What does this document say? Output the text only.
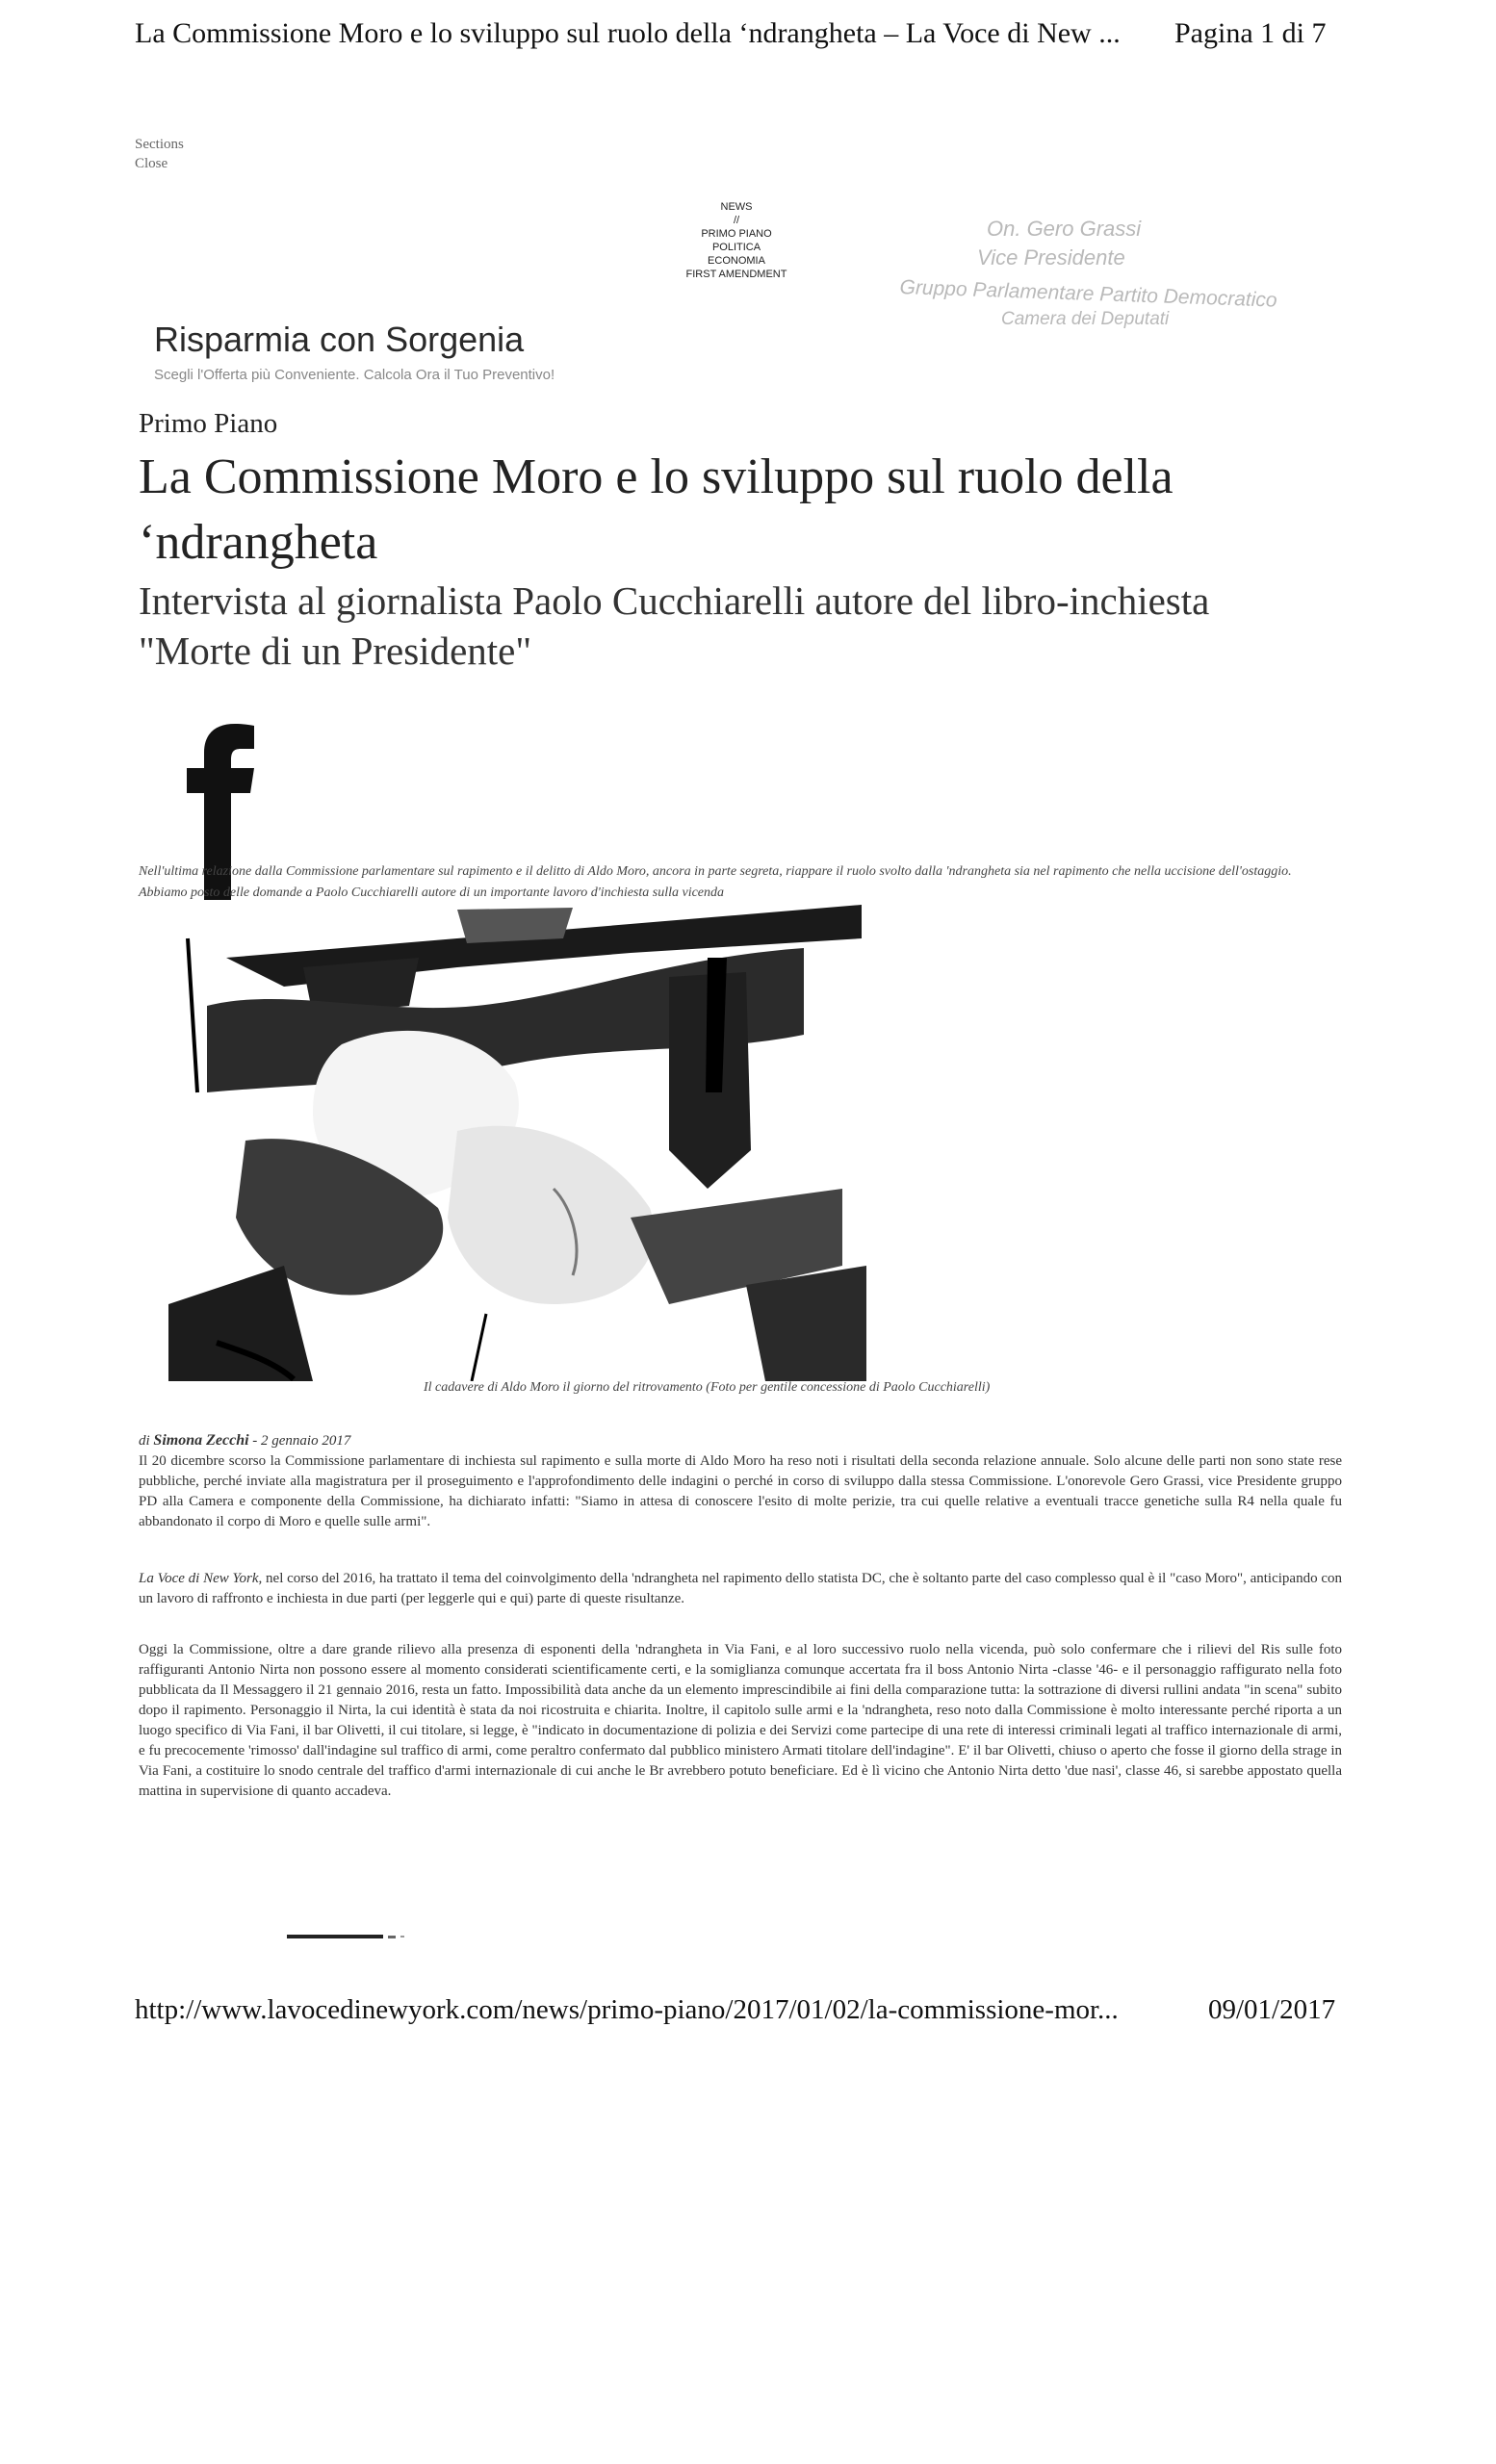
La Commissione Moro e lo sviluppo sul ruolo della ‘ndrangheta – La Voce di New ... Pagina 1 di 7
Sections
Close
NEWS
//
PRIMO PIANO
POLITICA
ECONOMIA
FIRST AMENDMENT
On. Gero Grassi
Vice Presidente
Gruppo Parlamentare Partito Democratico
Camera dei Deputati
Risparmia con Sorgenia
Scegli l'Offerta più Conveniente. Calcola Ora il Tuo Preventivo!
Primo Piano
La Commissione Moro e lo sviluppo sul ruolo della ‘ndrangheta
Intervista al giornalista Paolo Cucchiarelli autore del libro-inchiesta "Morte di un Presidente"
Nell'ultima relazione dalla Commissione parlamentare sul rapimento e il delitto di Aldo Moro, ancora in parte segreta, riappare il ruolo svolto dalla 'ndrangheta sia nel rapimento che nella uccisione dell'ostaggio. Abbiamo posto delle domande a Paolo Cucchiarelli autore di un importante lavoro d'inchiesta sulla vicenda
Il cadavere di Aldo Moro il giorno del ritrovamento (Foto per gentile concessione di Paolo Cucchiarelli)
di Simona Zecchi - 2 gennaio 2017
Il 20 dicembre scorso la Commissione parlamentare di inchiesta sul rapimento e sulla morte di Aldo Moro ha reso noti i risultati della seconda relazione annuale. Solo alcune delle parti non sono state rese pubbliche, perché inviate alla magistratura per il proseguimento e l'approfondimento delle indagini o perché in corso di sviluppo dalla stessa Commissione. L'onorevole Gero Grassi, vice Presidente gruppo PD alla Camera e componente della Commissione, ha dichiarato infatti: "Siamo in attesa di conoscere l'esito di molte perizie, tra cui quelle relative a eventuali tracce genetiche sulla R4 nella quale fu abbandonato il corpo di Moro e quelle sulle armi".
La Voce di New York, nel corso del 2016, ha trattato il tema del coinvolgimento della 'ndrangheta nel rapimento dello statista DC, che è soltanto parte del caso complesso qual è il "caso Moro", anticipando con un lavoro di raffronto e inchiesta in due parti (per leggerle qui e qui) parte di queste risultanze.
Oggi la Commissione, oltre a dare grande rilievo alla presenza di esponenti della 'ndrangheta in Via Fani, e al loro successivo ruolo nella vicenda, può solo confermare che i rilievi del Ris sulle foto raffiguranti Antonio Nirta non possono essere al momento considerati scientificamente certi, e la somiglianza comunque accertata fra il boss Antonio Nirta -classe '46- e il personaggio raffigurato nella foto pubblicata da Il Messaggero il 21 gennaio 2016, resta un fatto. Impossibilità data anche da un elemento imprescindibile ai fini della comparazione tutta: la sottrazione di diversi rullini andata "in scena" subito dopo il rapimento. Personaggio il Nirta, la cui identità è stata da noi ricostruita e chiarita. Inoltre, il capitolo sulle armi e la 'ndrangheta, reso noto dalla Commissione è molto interessante perché riporta a un luogo specifico di Via Fani, il bar Olivetti, il cui titolare, si legge, è "indicato in documentazione di polizia e dei Servizi come partecipe di una rete di interessi criminali legati al traffico internazionale di armi, e fu precocemente 'rimosso' dall'indagine sul traffico di armi, come peraltro confermato dal pubblico ministero Armati titolare dell'indagine". E' il bar Olivetti, chiuso o aperto che fosse il giorno della strage in Via Fani, a costituire lo snodo centrale del traffico d'armi internazionale di cui anche le Br avrebbero potuto beneficiare. Ed è lì vicino che Antonio Nirta detto 'due nasi', classe 46, si sarebbe appostato quella mattina in supervisione di quanto accadeva.
http://www.lavocedinewyork.com/news/primo-piano/2017/01/02/la-commissione-mor...	09/01/2017
